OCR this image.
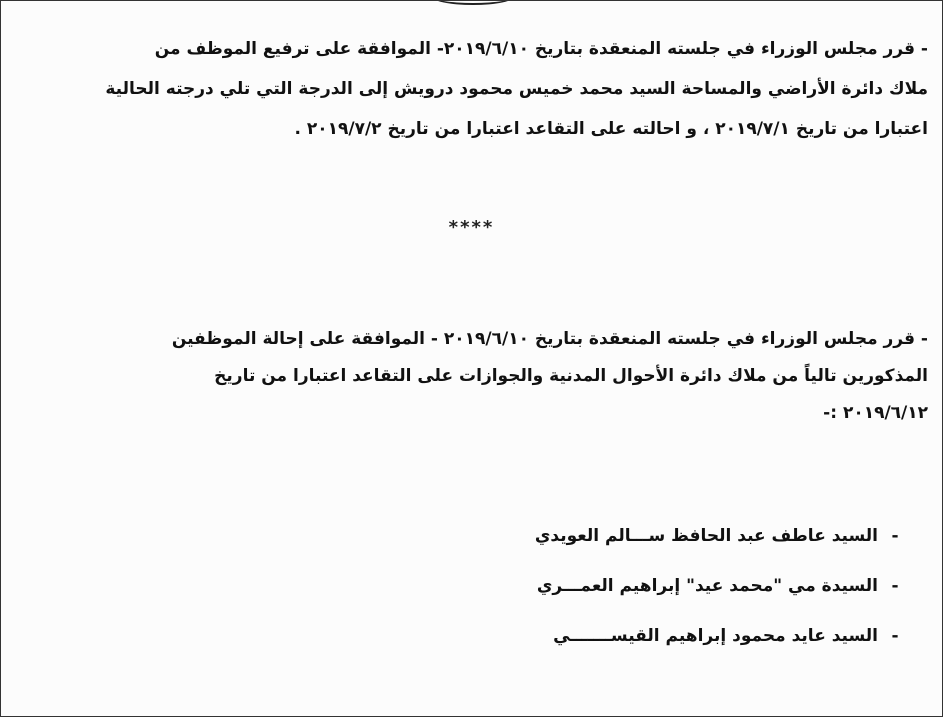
- قرر مجلس الوزراء في جلسته المنعقدة بتاريخ ٢٠١٩/٦/١٠- الموافقة على ترفيع الموظف من
ملاك دائرة الأراضي والمساحة السيد محمد خميس محمود درويش إلى الدرجة التي تلي درجته الحالية
اعتبارا من تاريخ ٢٠١٩/٧/١ ، و احالته على التقاعد اعتبارا من تاريخ ٢٠١٩/٧/٢ .
****
- قرر مجلس الوزراء في جلسته المنعقدة بتاريخ ٢٠١٩/٦/١٠ - الموافقة على إحالة الموظفين
المذكورين تالياً من ملاك دائرة الأحوال المدنية والجوازات على التقاعد اعتبارا من تاريخ
٢٠١٩/٦/١٢ :-
-
السيد عاطف عبد الحافظ ســـالم العويدي
-
السيدة مي "محمد عيد" إبراهيم العمـــري
-
السيد عايد محمود إبراهيم القيســـــــي
